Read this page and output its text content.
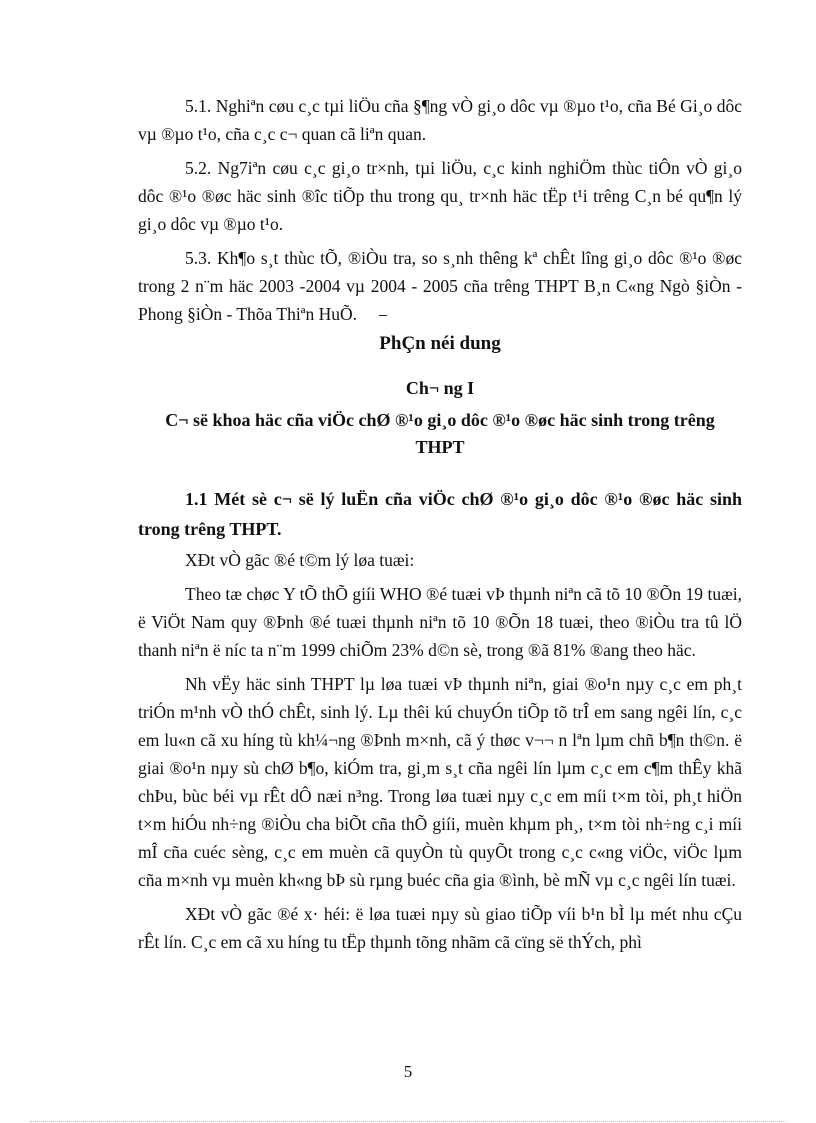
5.1. Nghiªn cøu c¸c tµi liÖu cña §¶ng vÒ gi¸o dôc vµ ®µo t¹o, cña Bé Gi¸o dôc vµ ®µo t¹o, cña c¸c c¬ quan cã liªn quan.

5.2. Ng7iªn cøu c¸c gi¸o tr×nh, tµi liÖu, c¸c kinh nghiÖm thùc tiÔn vÒ gi¸o dôc ®¹o ®øc häc sinh ®îc tiÕp thu trong qu¸ tr×nh häc tËp t¹i trêng C¸n bé qu¶n lý gi¸o dôc vµ ®µo t¹o.

5.3. Kh¶o s¸t thùc tÕ, ®iÒu tra, so s¸nh thêng kª chÊt lîng gi¸o dôc ®¹o ®øc trong 2 n¨m häc 2003 -2004 vµ 2004 - 2005 cña trêng THPT B¸n C«ng Ngò §iÒn - Phong §iÒn - Thõa Thiªn HuÕ.

PhÇn néi dung
Ch¬ ng I
C¬ së khoa häc cña viÖc chØ ®¹o gi¸o dôc ®¹o ®øc häc sinh trong trêng
THPT

1.1 Mét sè c¬ së lý luËn cña viÖc chØ ®¹o gi¸o dôc ®¹o ®øc häc sinh trong trêng THPT.

XÐt vÒ gãc ®é t©m lý løa tuæi:

Theo tæ chøc Y tÕ thÕ giíi WHO ®é tuæi vÞ thµnh niªn cã tõ 10 ®Õn 19 tuæi, ë ViÖt Nam quy ®Þnh ®é tuæi thµnh niªn tõ 10 ®Õn 18 tuæi, theo ®iÒu tra tû lÖ thanh niªn ë níc ta n¨m 1999 chiÕm 23% d©n sè, trong ®ã 81% ®ang theo häc.

Nh vËy häc sinh THPT lµ løa tuæi vÞ thµnh niªn, giai ®o¹n nµy c¸c em ph¸t triÓn m¹nh vÒ thÓ chÊt, sinh lý. Lµ thêi kú chuyÓn tiÕp tõ trÎ em sang ngêi lín, c¸c em lu«n cã xu híng tù kh¼¬ng ®Þnh m×nh, cã ý thøc v¬¬ n lªn lµm chñ b¶n th©n. ë giai ®o¹n nµy sù chØ b¶o, kiÓm tra, gi¸m s¸t cña ngêi lín lµm c¸c em c¶m thÊy khã chÞu, bùc béi vµ rÊt dÔ næi n³ng. Trong løa tuæi nµy c¸c em míi t×m tòi, ph¸t hiÖn t×m hiÓu nh÷ng ®iÒu cha biÕt cña thÕ giíi, muèn khµm ph¸, t×m tòi nh÷ng c¸i míi mÎ cña cuéc sèng, c¸c em muèn cã quyÒn tù quyÕt trong c¸c c«ng viÖc, viÖc lµm cña m×nh vµ muèn kh«ng bÞ sù rµng buéc cña gia ®ình, bè mÑ vµ c¸c ngêi lín tuæi.

XÐt vÒ gãc ®é x· héi: ë løa tuæi nµy sù giao tiÕp víi b¹n bÌ lµ mét nhu cÇu rÊt lín. C¸c em cã xu híng tu tËp thµnh tõng nhãm cã cïng së thÝch, phì

5
